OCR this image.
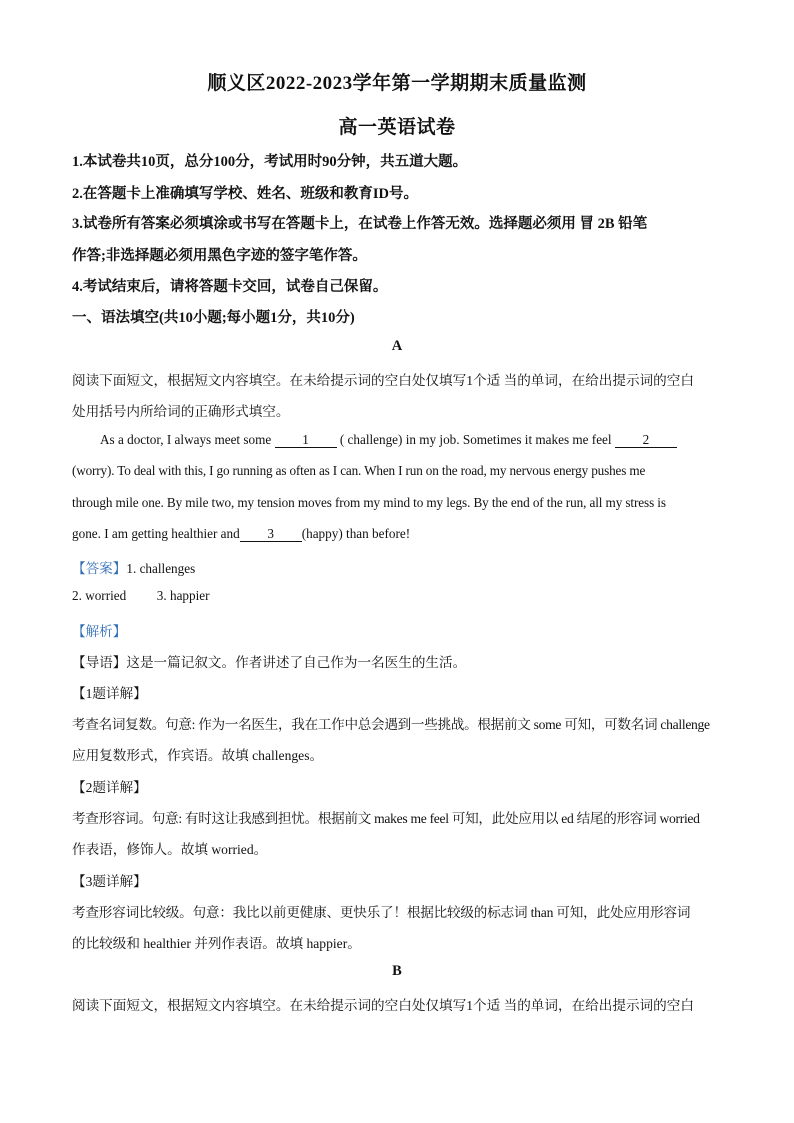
顺义区2022-2023学年第一学期期末质量监测
高一英语试卷
1.本试卷共10页，总分100分，考试用时90分钟，共五道大题。
2.在答题卡上准确填写学校、姓名、班级和教育ID号。
3.试卷所有答案必须填涂或书写在答题卡上，在试卷上作答无效。选择题必须用 冒 2B 铅笔
作答;非选择题必须用黑色字迹的签字笔作答。
4.考试结束后，请将答题卡交回，试卷自己保留。
一、语法填空(共10小题;每小题1分，共10分)
A
阅读下面短文，根据短文内容填空。在未给提示词的空白处仅填写1个适 当的单词，在给出提示词的空白
处用括号内所给词的正确形式填空。
As a doctor, I always meet some 1 ( challenge) in my job. Sometimes it makes me feel 2
(worry). To deal with this, I go running as often as I can. When I run on the road, my nervous energy pushes me
through mile one. By mile two, my tension moves from my mind to my legs. By the end of the run, all my stress is
gone. I am getting healthier and 3 (happy) than before!
【答案】1. challenges
2. worried 3. happier
【解析】
【导语】这是一篇记叙文。作者讲述了自己作为一名医生的生活。
【1题详解】
考查名词复数。句意: 作为一名医生，我在工作中总会遇到一些挑战。根据前文 some 可知，可数名词 challenge
应用复数形式，作宾语。故填 challenges。
【2题详解】
考查形容词。句意: 有时这让我感到担忧。根据前文 makes me feel 可知，此处应用以 ed 结尾的形容词 worried
作表语，修饰人。故填 worried。
【3题详解】
考查形容词比较级。句意：我比以前更健康、更快乐了！根据比较级的标志词 than 可知，此处应用形容词
的比较级和 healthier 并列作表语。故填 happier。
B
阅读下面短文，根据短文内容填空。在未给提示词的空白处仅填写1个适 当的单词，在给出提示词的空白
